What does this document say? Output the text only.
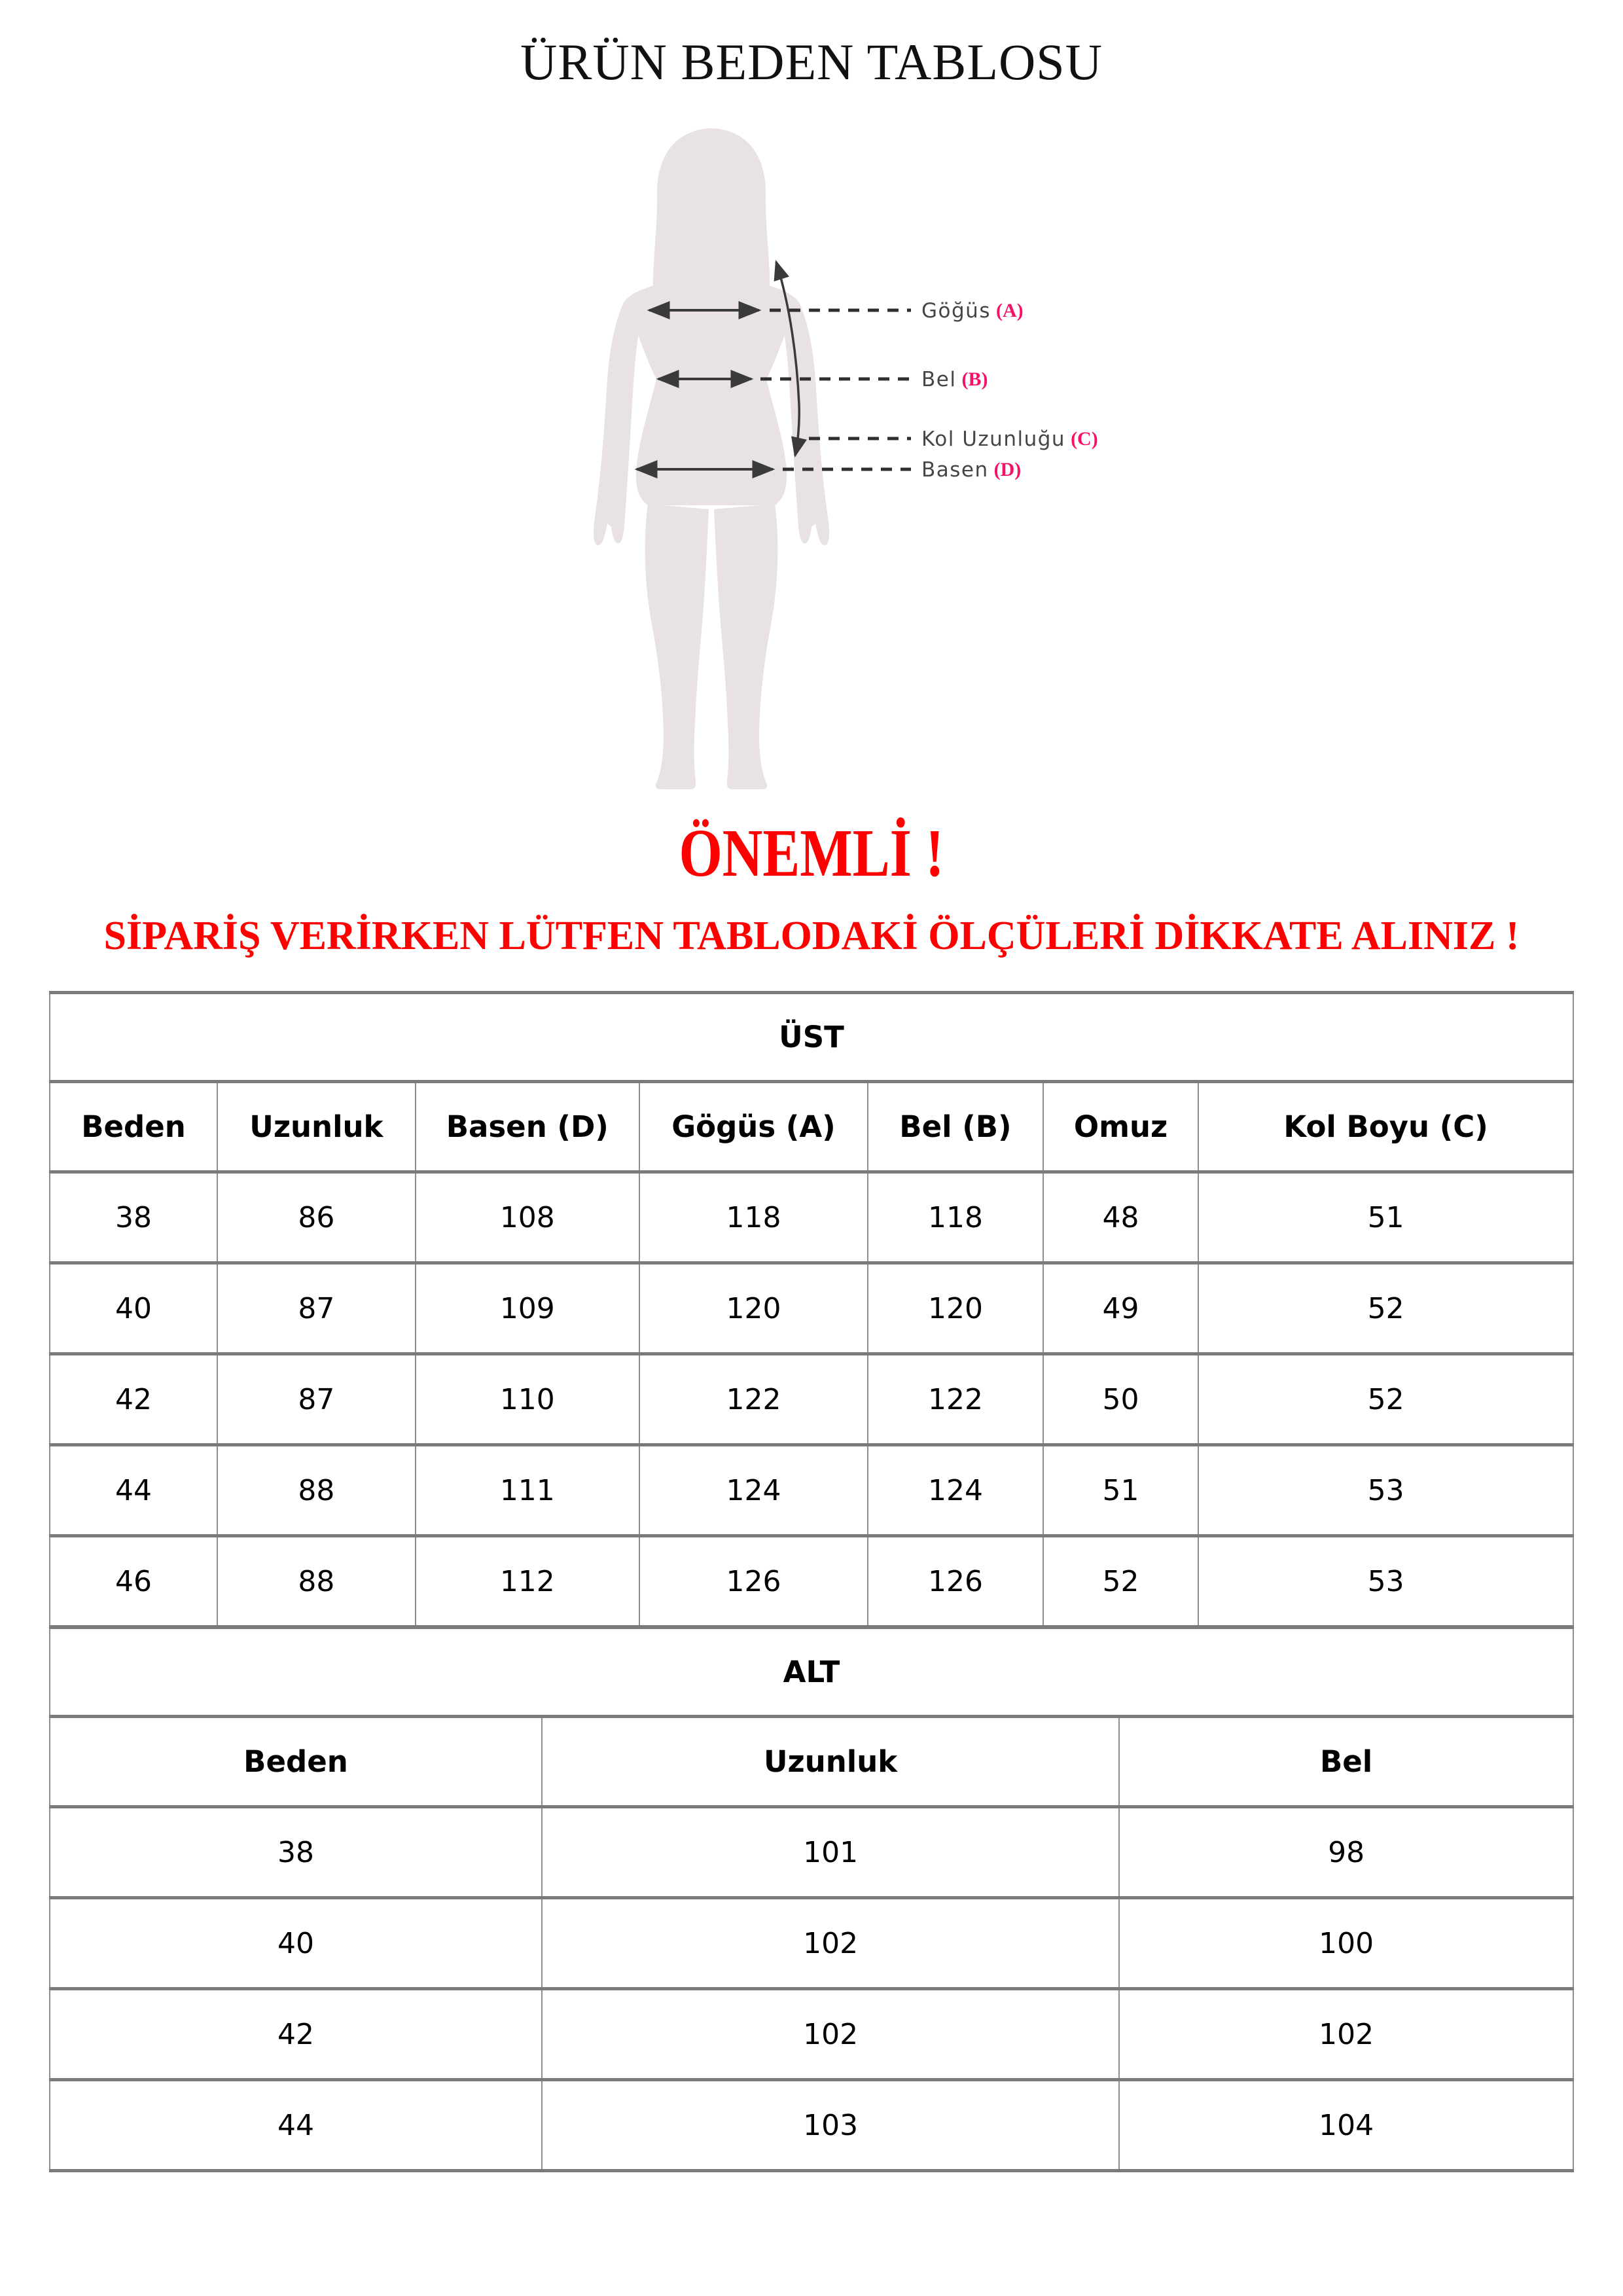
ÜRÜN BEDEN TABLOSU
Göğüs (A)
Bel (B)
Kol Uzunluğu (C)
Basen (D)
ÖNEMLİ !
SİPARİŞ VERİRKEN LÜTFEN TABLODAKİ ÖLÇÜLERİ DİKKATE ALINIZ !
ÜST						
Beden	Uzunluk	Basen (D)	Gögüs (A)	Bel (B)	Omuz	Kol Boyu (C)
38	86	108	118	118	48	51
40	87	109	120	120	49	52
42	87	110	122	122	50	52
44	88	111	124	124	51	53
46	88	112	126	126	52	53
ALT		
Beden	Uzunluk	Bel
38	101	98
40	102	100
42	102	102
44	103	104
